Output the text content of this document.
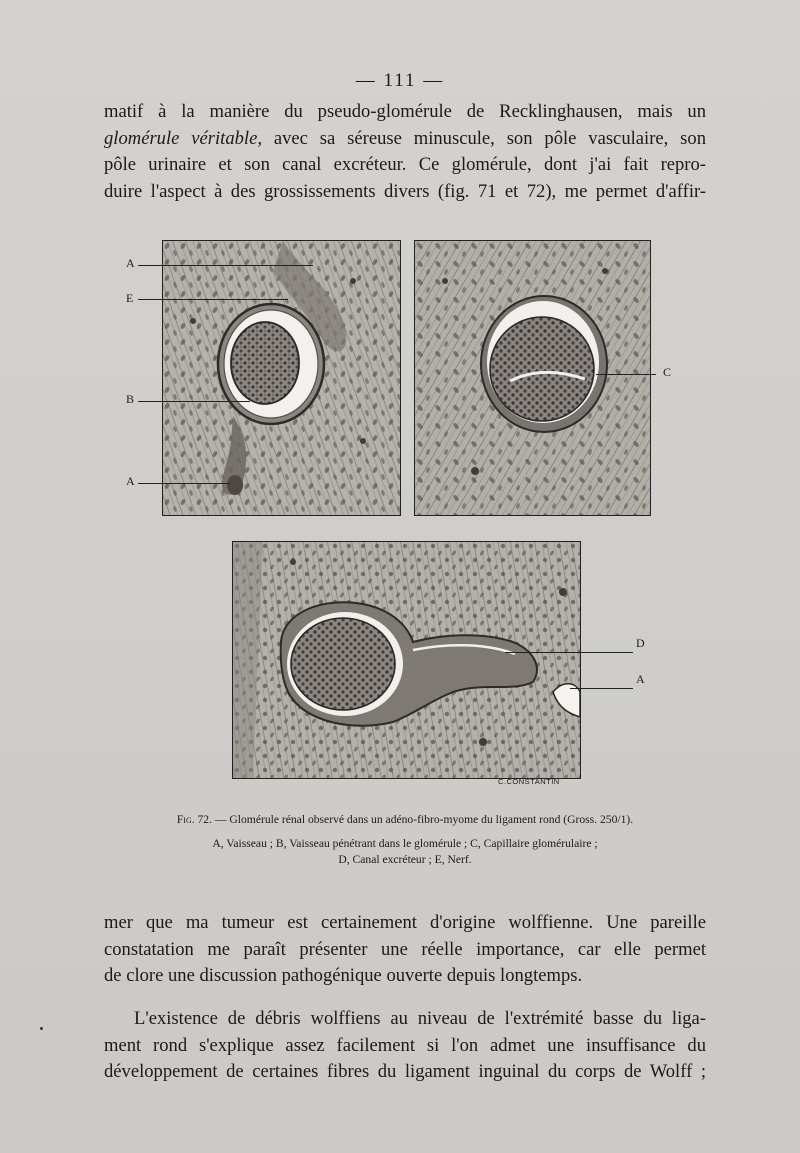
— 111 —

matif à la manière du pseudo-glomérule de Recklinghausen, mais un
glomérule véritable, avec sa séreuse minuscule, son pôle vasculaire, son
pôle urinaire et son canal excréteur. Ce glomérule, dont j'ai fait repro-
duire l'aspect à des grossissements divers (fig. 71 et 72), me permet d'affir-

A
E
B
A
C
D
A
C.CONSTANTIN

Fig. 72. — Glomérule rénal observé dans un adéno-fibro-myome du ligament rond (Gross. 250/1).

A, Vaisseau ; B, Vaisseau pénétrant dans le glomérule ; C, Capillaire glomérulaire ;
D, Canal excréteur ; E, Nerf.

mer que ma tumeur est certainement d'origine wolffienne. Une pareille
constatation me paraît présenter une réelle importance, car elle permet
de clore une discussion pathogénique ouverte depuis longtemps.

L'existence de débris wolffiens au niveau de l'extrémité basse du liga-
ment rond s'explique assez facilement si l'on admet une insuffisance du
développement de certaines fibres du ligament inguinal du corps de Wolff ;
